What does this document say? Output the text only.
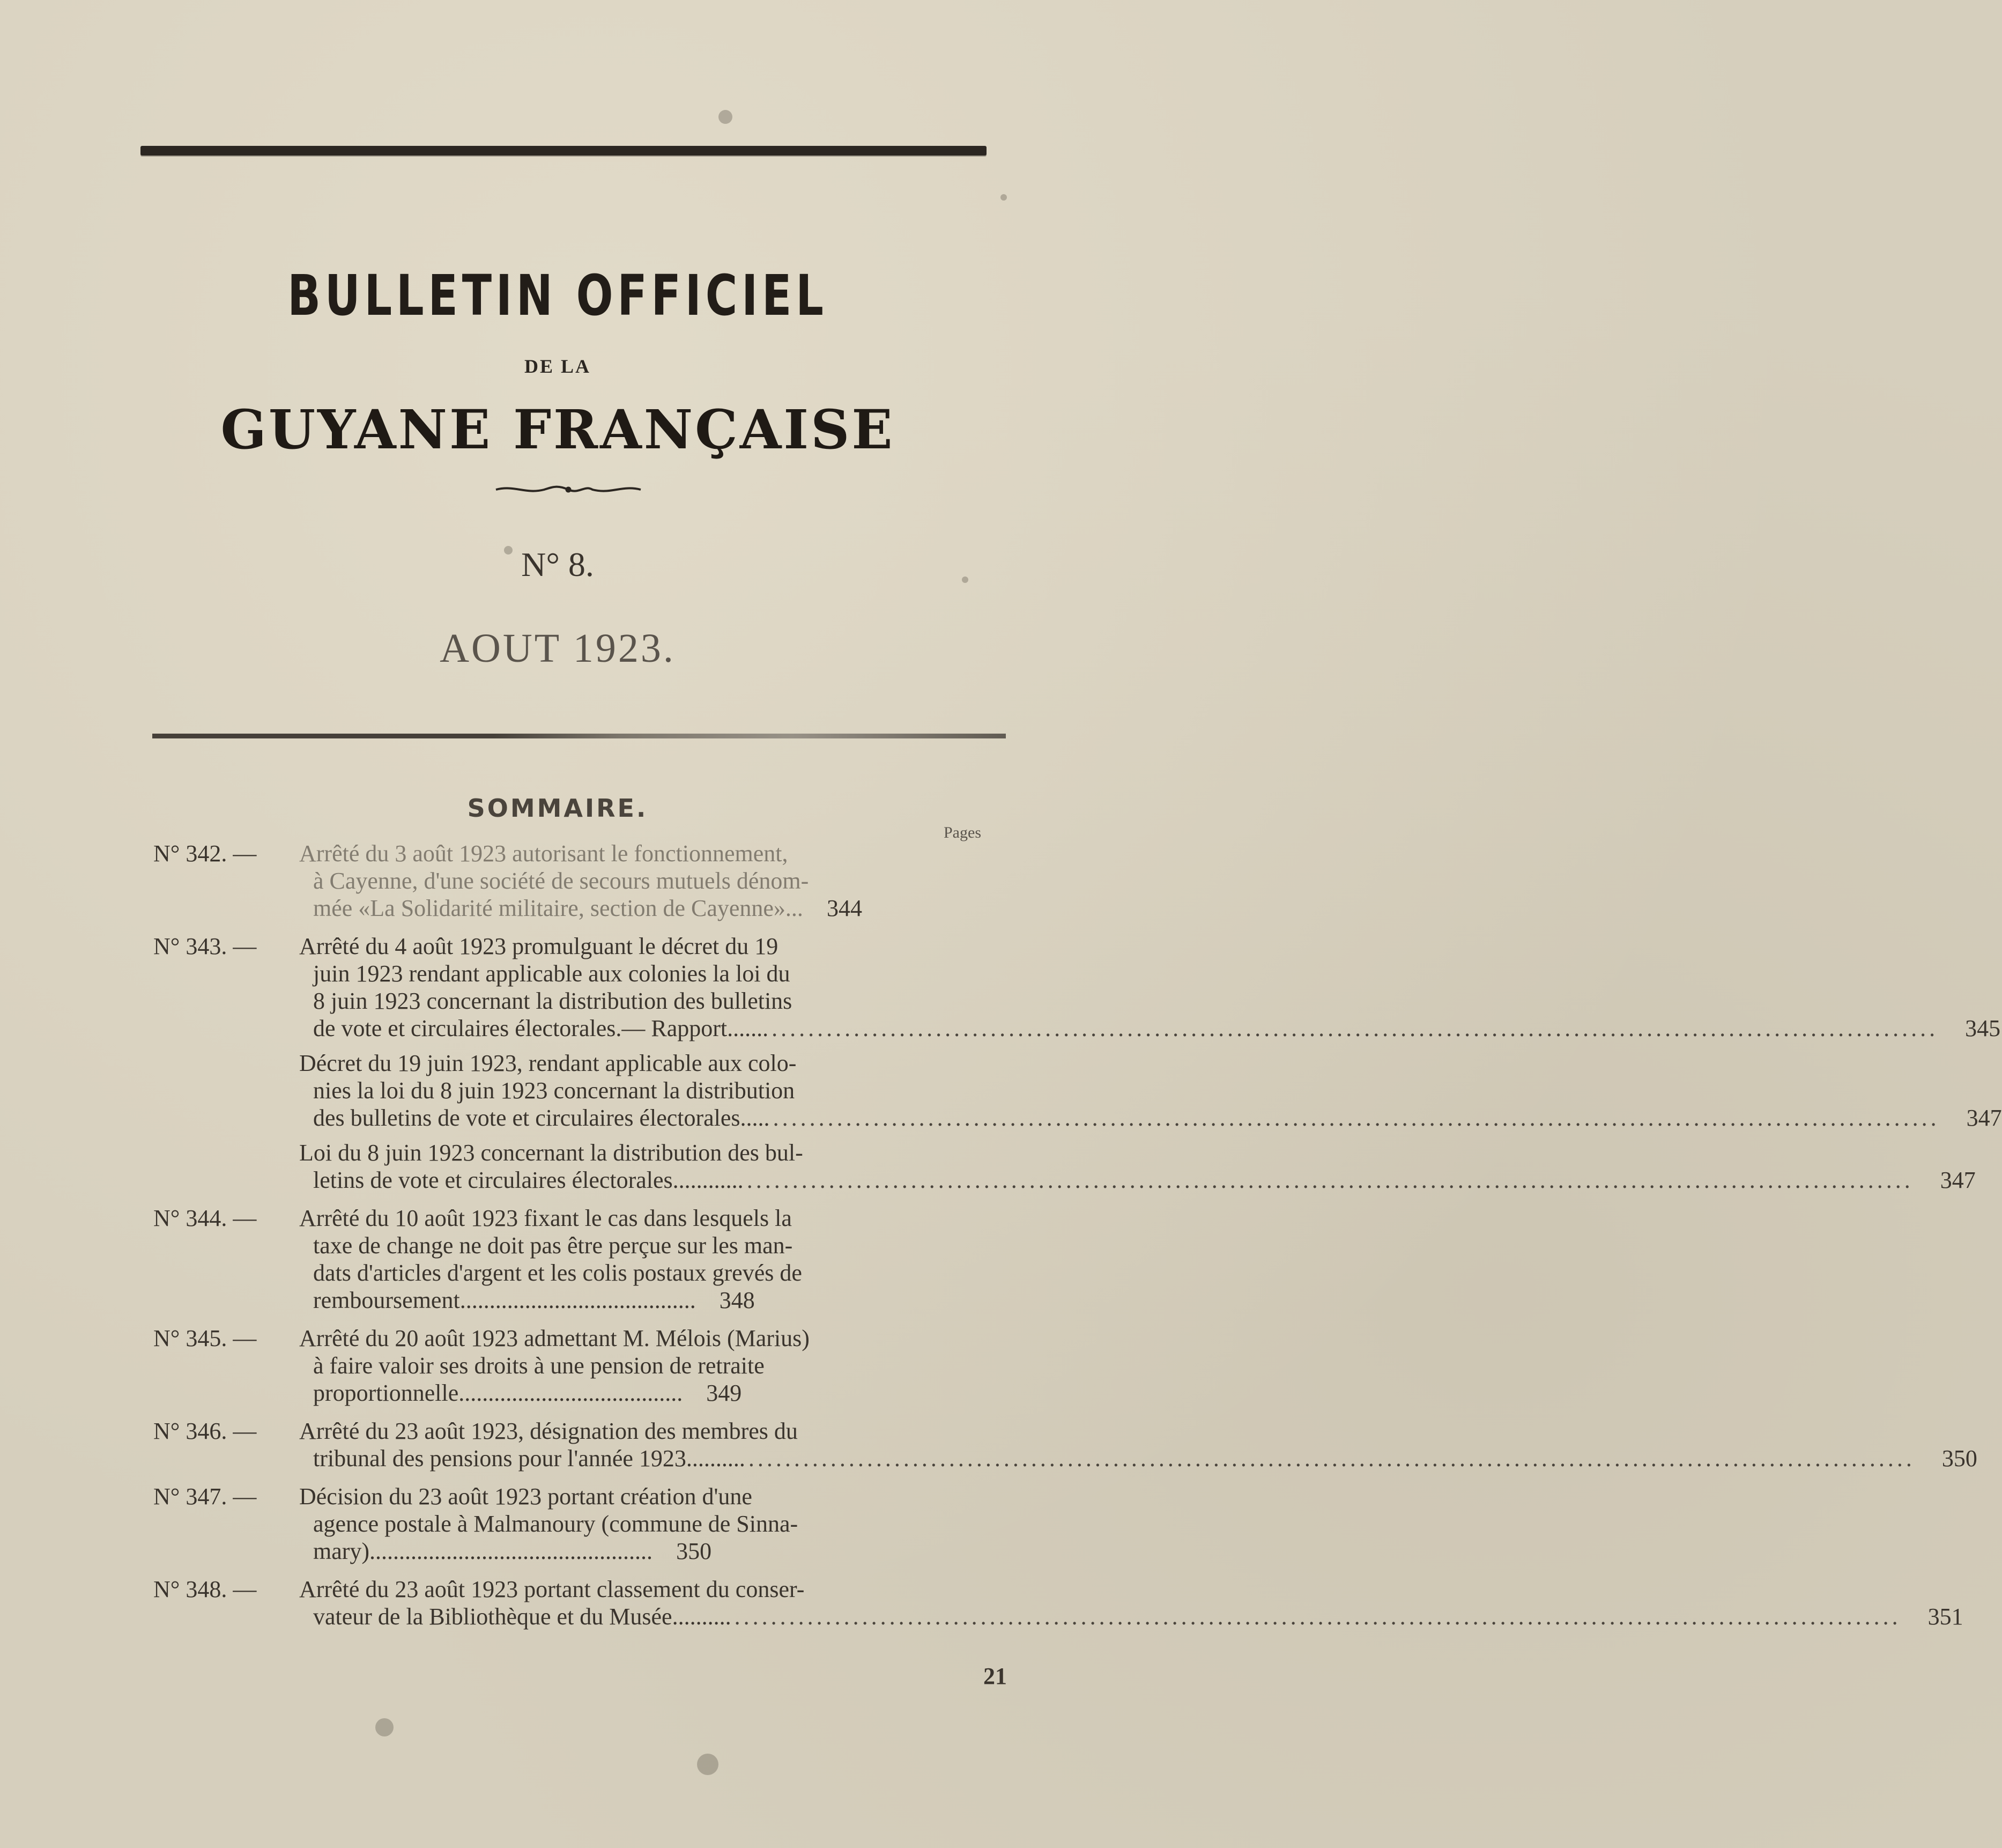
BULLETIN OFFICIEL
DE LA
GUYANE FRANÇAISE
N° 8.
AOUT 1923.
SOMMAIRE.
Pages
N° 342. —	Arrêté du 3 août 1923 autorisant le fonctionnement,
à Cayenne, d'une société de secours mutuels dénom-
mée «La Solidarité militaire, section de Cayenne»...	344
N° 343. —	Arrêté du 4 août 1923 promulguant le décret du 19
juin 1923 rendant applicable aux colonies la loi du
8 juin 1923 concernant la distribution des bulletins
de vote et circulaires électorales.— Rapport....... .....	345
Décret du 19 juin 1923, rendant applicable aux colo-
nies la loi du 8 juin 1923 concernant la distribution
des bulletins de vote et circulaires électorales..... .....	347
Loi du 8 juin 1923 concernant la distribution des bul-
letins de vote et circulaires électorales............ .....	347
N° 344. —	Arrêté du 10 août 1923 fixant le cas dans lesquels la
taxe de change ne doit pas être perçue sur les man-
dats d'articles d'argent et les colis postaux grevés de
remboursement........................................	348
N° 345. —	Arrêté du 20 août 1923 admettant M. Mélois (Marius)
à faire valoir ses droits à une pension de retraite
proportionnelle......................................	349
N° 346. —	Arrêté du 23 août 1923, désignation des membres du
tribunal des pensions pour l'année 1923.......... .....	350
N° 347. —	Décision du 23 août 1923 portant création d'une
agence postale à Malmanoury (commune de Sinna-
mary)................................................	350
N° 348. —	Arrêté du 23 août 1923 portant classement du conser-
vateur de la Bibliothèque et du Musée.......... .....	351
21
